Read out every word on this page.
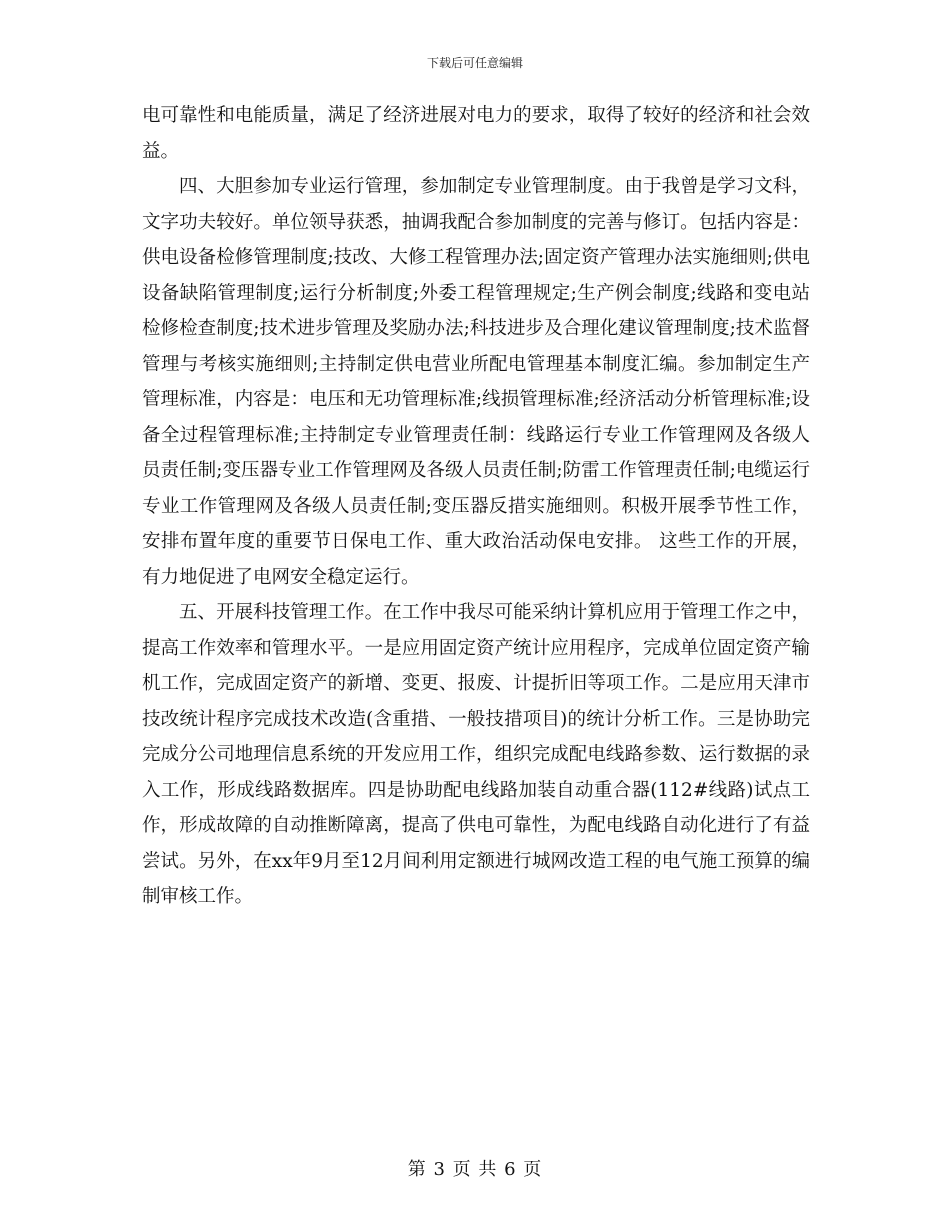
下载后可任意编辑

电可靠性和电能质量，满足了经济进展对电力的要求，取得了较好的经济和社会效益。

四、大胆参加专业运行管理，参加制定专业管理制度。由于我曾是学习文科，文字功夫较好。单位领导获悉，抽调我配合参加制度的完善与修订。包括内容是：供电设备检修管理制度;技改、大修工程管理办法;固定资产管理办法实施细则;供电设备缺陷管理制度;运行分析制度;外委工程管理规定;生产例会制度;线路和变电站检修检查制度;技术进步管理及奖励办法;科技进步及合理化建议管理制度;技术监督管理与考核实施细则;主持制定供电营业所配电管理基本制度汇编。参加制定生产管理标准，内容是：电压和无功管理标准;线损管理标准;经济活动分析管理标准;设备全过程管理标准;主持制定专业管理责任制：线路运行专业工作管理网及各级人员责任制;变压器专业工作管理网及各级人员责任制;防雷工作管理责任制;电缆运行专业工作管理网及各级人员责任制;变压器反措实施细则。积极开展季节性工作，安排布置年度的重要节日保电工作、重大政治活动保电安排。 这些工作的开展，有力地促进了电网安全稳定运行。

五、开展科技管理工作。在工作中我尽可能采纳计算机应用于管理工作之中，提高工作效率和管理水平。一是应用固定资产统计应用程序，完成单位固定资产输机工作，完成固定资产的新增、变更、报废、计提折旧等项工作。二是应用天津市技改统计程序完成技术改造(含重措、一般技措项目)的统计分析工作。三是协助完完成分公司地理信息系统的开发应用工作，组织完成配电线路参数、运行数据的录入工作，形成线路数据库。四是协助配电线路加装自动重合器(112#线路)试点工作，形成故障的自动推断障离，提高了供电可靠性，为配电线路自动化进行了有益尝试。另外，在xx年9月至12月间利用定额进行城网改造工程的电气施工预算的编制审核工作。

第 3 页 共 6 页
